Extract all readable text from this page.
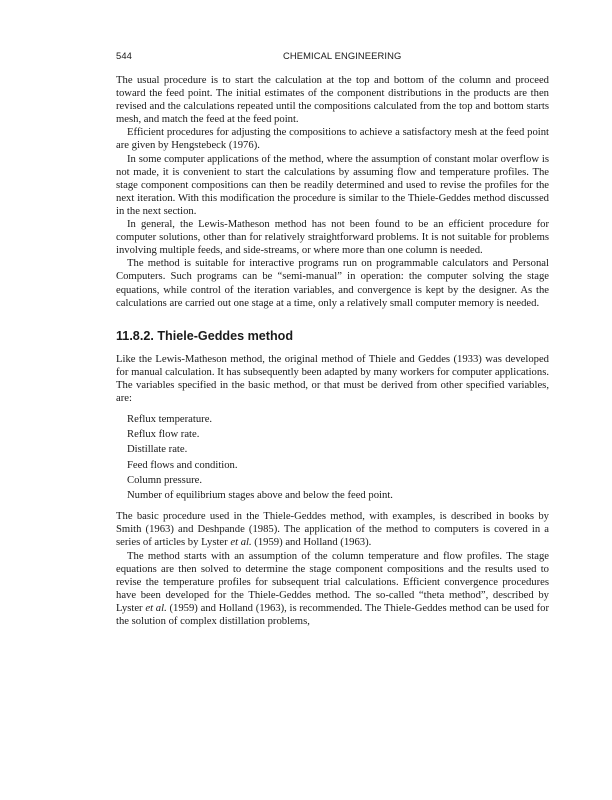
544	CHEMICAL ENGINEERING

The usual procedure is to start the calculation at the top and bottom of the column and proceed toward the feed point. The initial estimates of the component distributions in the products are then revised and the calculations repeated until the compositions calculated from the top and bottom starts mesh, and match the feed at the feed point.

Efficient procedures for adjusting the compositions to achieve a satisfactory mesh at the feed point are given by Hengstebeck (1976).

In some computer applications of the method, where the assumption of constant molar overflow is not made, it is convenient to start the calculations by assuming flow and temperature profiles. The stage component compositions can then be readily determined and used to revise the profiles for the next iteration. With this modification the procedure is similar to the Thiele-Geddes method discussed in the next section.

In general, the Lewis-Matheson method has not been found to be an efficient procedure for computer solutions, other than for relatively straightforward problems. It is not suitable for problems involving multiple feeds, and side-streams, or where more than one column is needed.

The method is suitable for interactive programs run on programmable calculators and Personal Computers. Such programs can be “semi-manual” in operation: the computer solving the stage equations, while control of the iteration variables, and convergence is kept by the designer. As the calculations are carried out one stage at a time, only a relatively small computer memory is needed.

11.8.2. Thiele-Geddes method

Like the Lewis-Matheson method, the original method of Thiele and Geddes (1933) was developed for manual calculation. It has subsequently been adapted by many workers for computer applications. The variables specified in the basic method, or that must be derived from other specified variables, are:

Reflux temperature.
Reflux flow rate.
Distillate rate.
Feed flows and condition.
Column pressure.
Number of equilibrium stages above and below the feed point.

The basic procedure used in the Thiele-Geddes method, with examples, is described in books by Smith (1963) and Deshpande (1985). The application of the method to computers is covered in a series of articles by Lyster et al. (1959) and Holland (1963).

The method starts with an assumption of the column temperature and flow profiles. The stage equations are then solved to determine the stage component compositions and the results used to revise the temperature profiles for subsequent trial calculations. Efficient convergence procedures have been developed for the Thiele-Geddes method. The so-called “theta method”, described by Lyster et al. (1959) and Holland (1963), is recommended. The Thiele-Geddes method can be used for the solution of complex distillation problems,
